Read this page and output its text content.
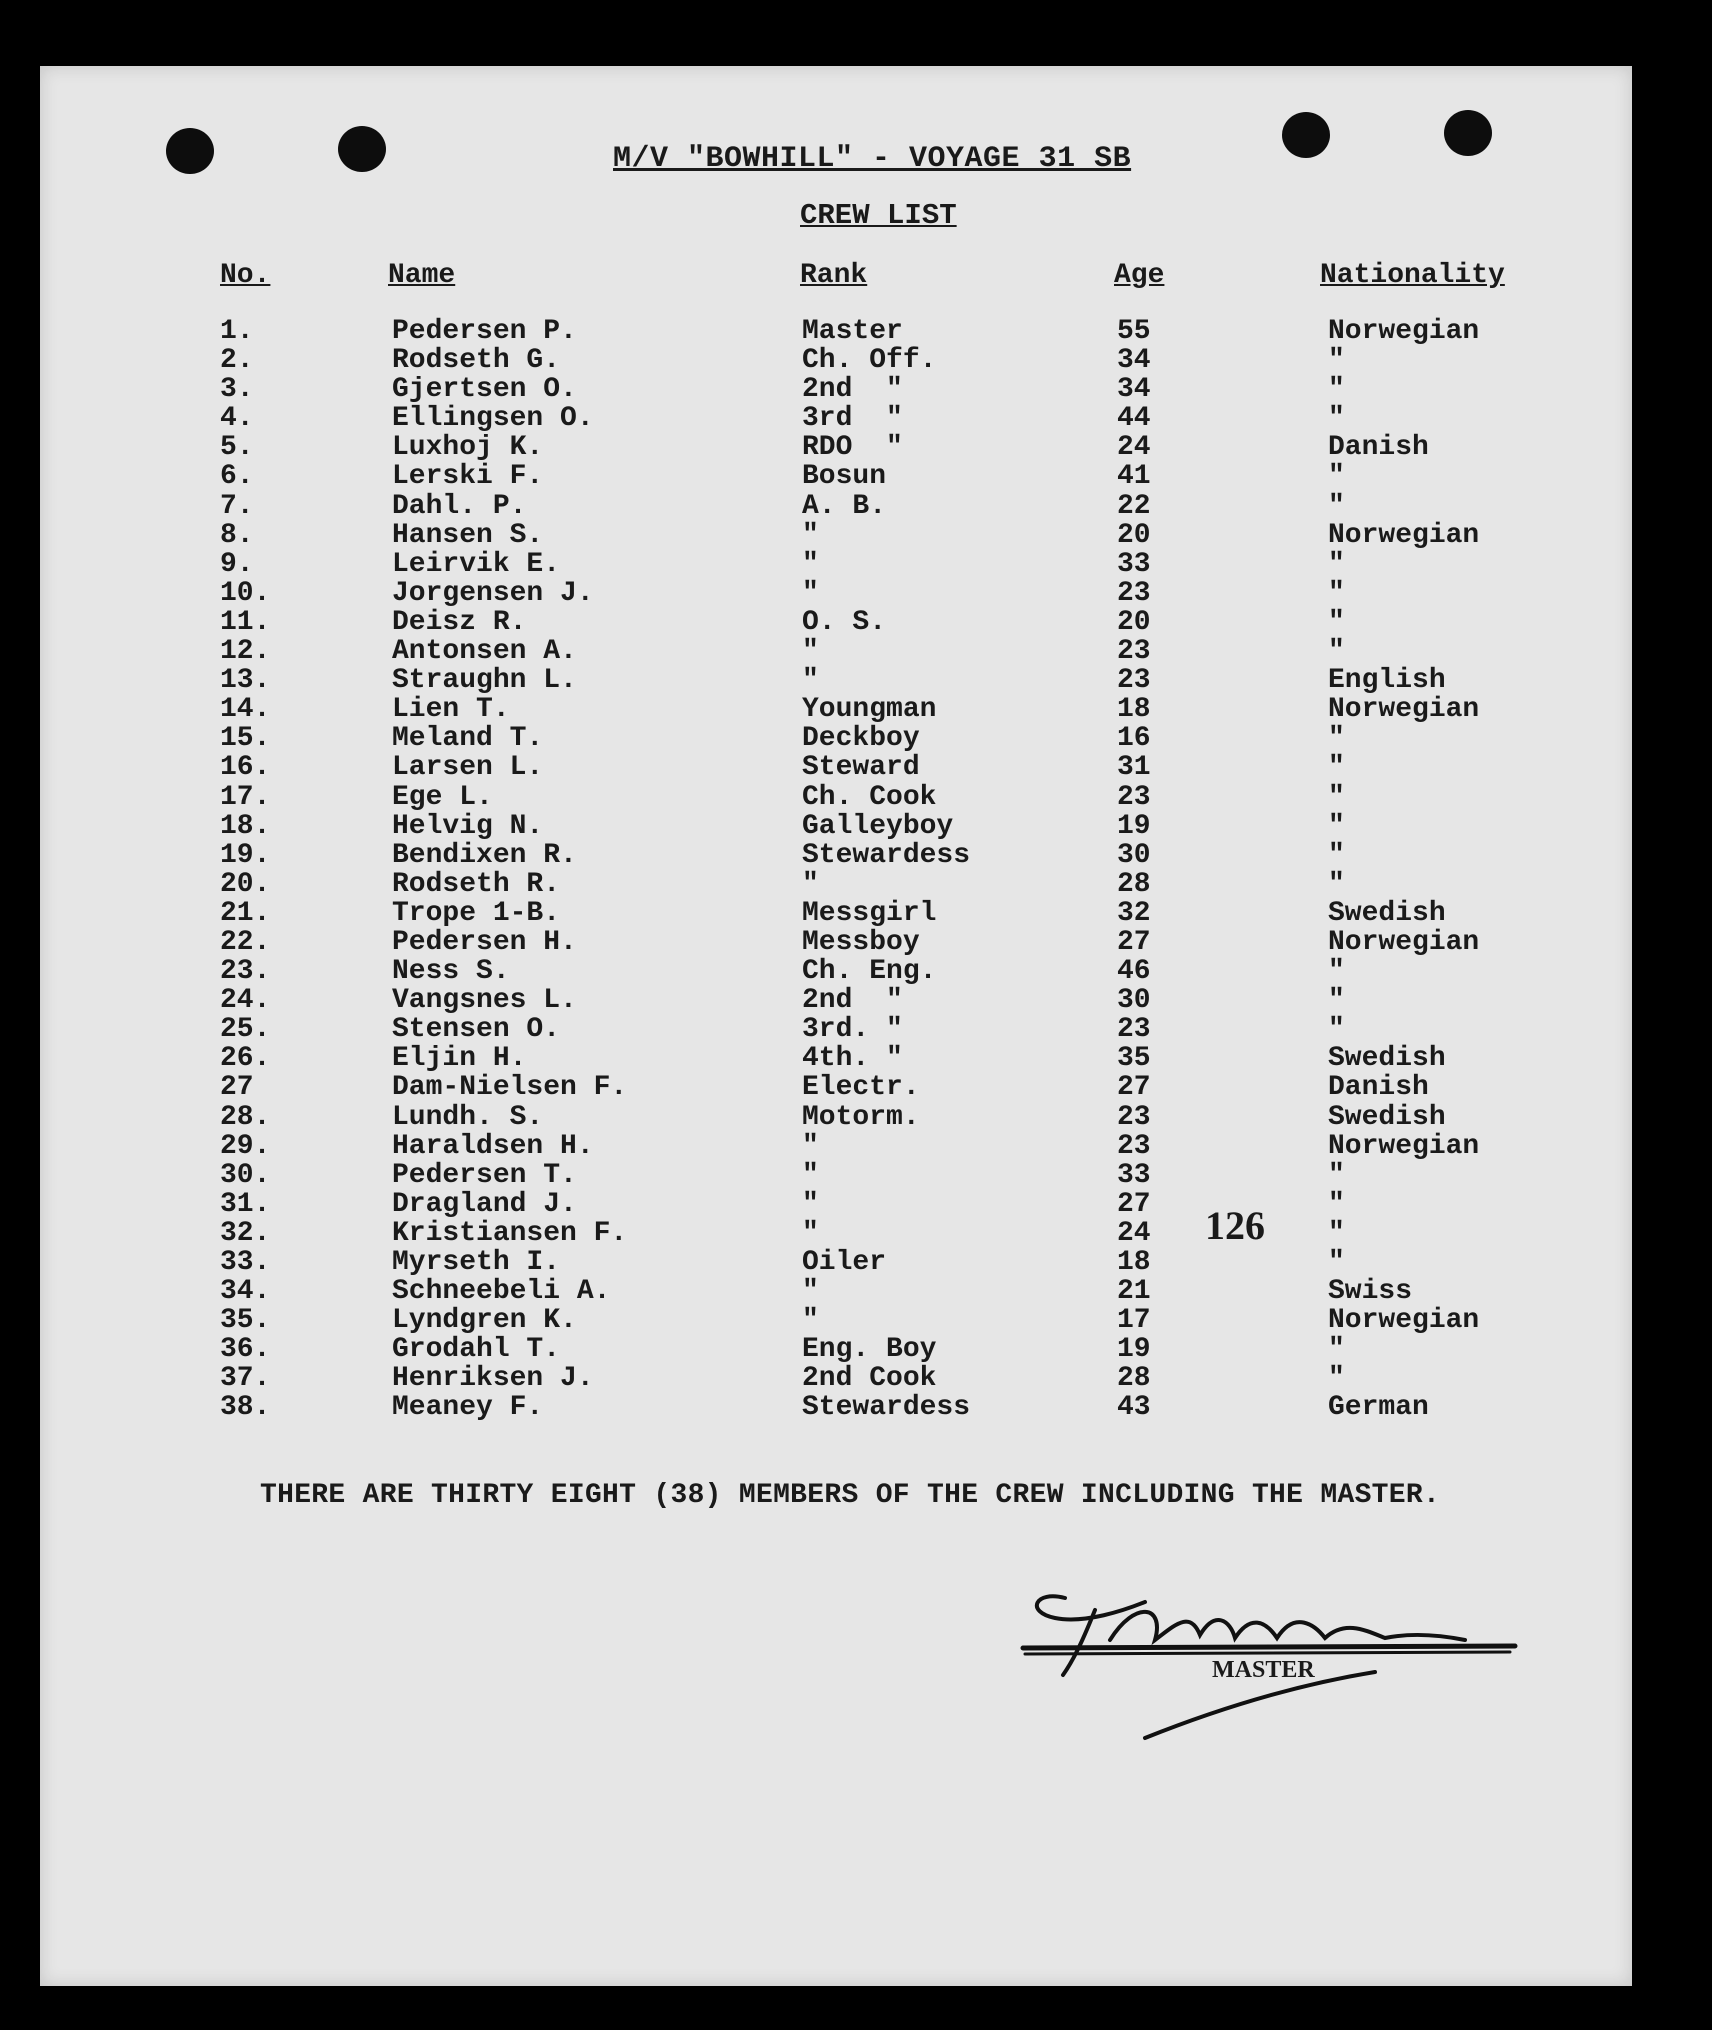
M/V "BOWHILL" - VOYAGE 31 SB
CREW LIST
No.	Name	Rank	Age	Nationality
1.	Pedersen P.	Master	55	Norwegian
2.	Rodseth G.	Ch. Off.	34	"
3.	Gjertsen O.	2nd  "	34	"
4.	Ellingsen O.	3rd  "	44	"
5.	Luxhoj K.	RDO  "	24	Danish
6.	Lerski F.	Bosun	41	"
7.	Dahl. P.	A. B.	22	"
8.	Hansen S.	"	20	Norwegian
9.	Leirvik E.	"	33	"
10.	Jorgensen J.	"	23	"
11.	Deisz R.	O. S.	20	"
12.	Antonsen A.	"	23	"
13.	Straughn L.	"	23	English
14.	Lien T.	Youngman	18	Norwegian
15.	Meland T.	Deckboy	16	"
16.	Larsen L.	Steward	31	"
17.	Ege L.	Ch. Cook	23	"
18.	Helvig N.	Galleyboy	19	"
19.	Bendixen R.	Stewardess	30	"
20.	Rodseth R.	"	28	"
21.	Trope 1-B.	Messgirl	32	Swedish
22.	Pedersen H.	Messboy	27	Norwegian
23.	Ness S.	Ch. Eng.	46	"
24.	Vangsnes L.	2nd  "	30	"
25.	Stensen O.	3rd. "	23	"
26.	Eljin H.	4th. "	35	Swedish
27	Dam-Nielsen F.	Electr.	27	Danish
28.	Lundh. S.	Motorm.	23	Swedish
29.	Haraldsen H.	"	23	Norwegian
30.	Pedersen T.	"	33	"
31.	Dragland J.	"	27	"
32.	Kristiansen F.	"	24	"
33.	Myrseth I.	Oiler	18	"
34.	Schneebeli A.	"	21	Swiss
35.	Lyndgren K.	"	17	Norwegian
36.	Grodahl T.	Eng. Boy	19	"
37.	Henriksen J.	2nd Cook	28	"
38.	Meaney F.	Stewardess	43	German
126
THERE ARE THIRTY EIGHT (38) MEMBERS OF THE CREW INCLUDING THE MASTER.
MASTER
